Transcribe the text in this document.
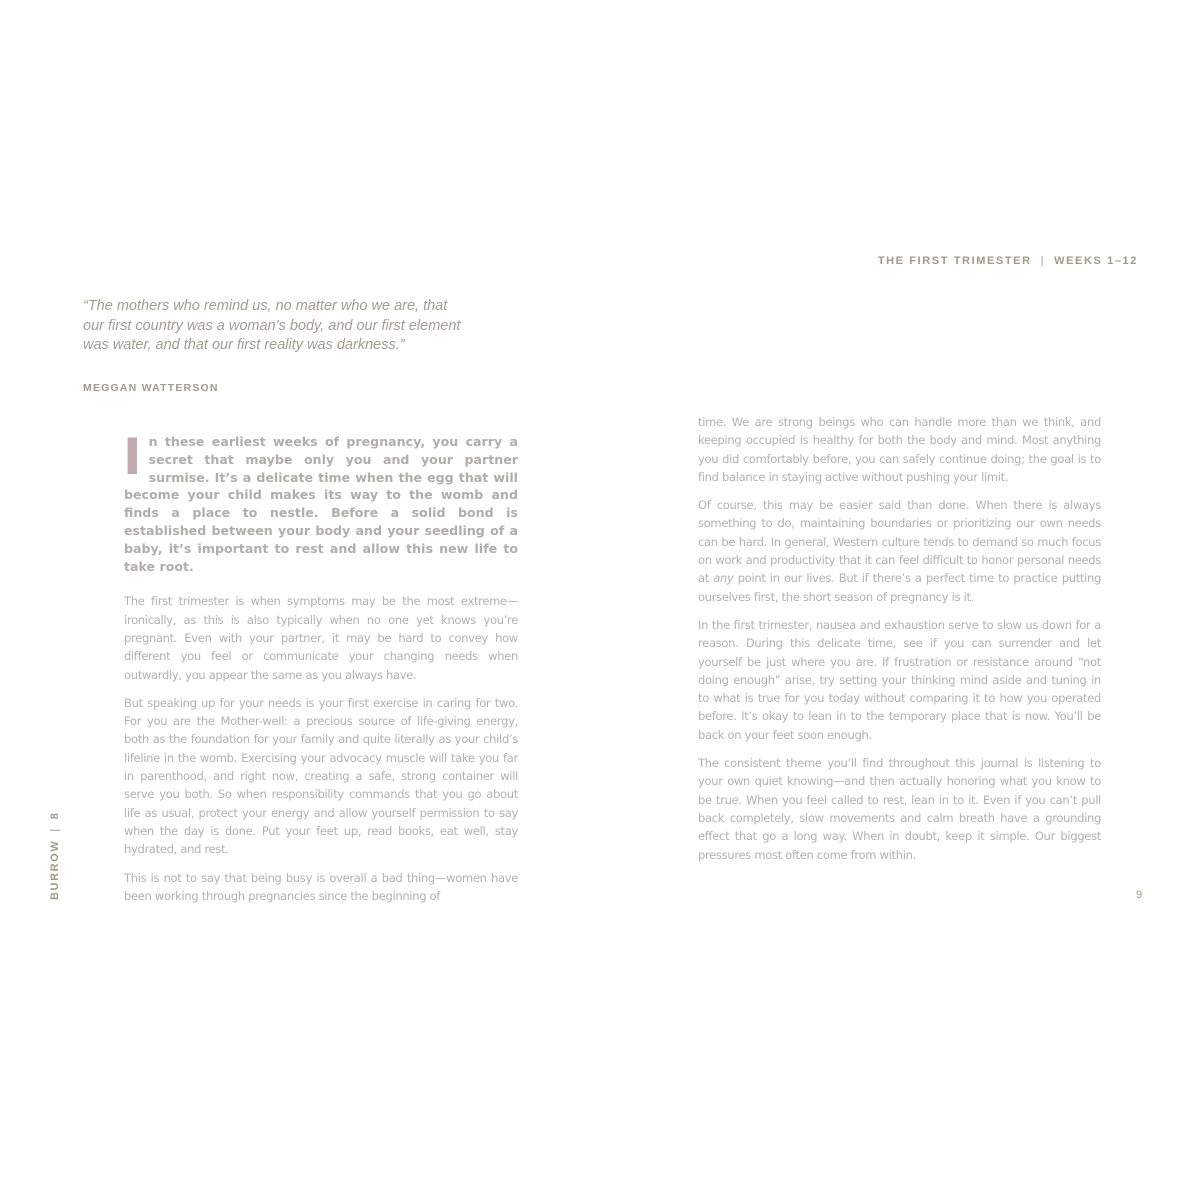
“The mothers who remind us, no matter who we are, that our first country was a woman’s body, and our first element was water, and that our first reality was darkness.”

MEGGAN WATTERSON

In these earliest weeks of pregnancy, you carry a secret that maybe only you and your partner surmise. It’s a delicate time when the egg that will become your child makes its way to the womb and finds a place to nestle. Before a solid bond is established between your body and your seedling of a baby, it’s important to rest and allow this new life to take root.

The first trimester is when symptoms may be the most extreme—ironically, as this is also typically when no one yet knows you’re pregnant. Even with your partner, it may be hard to convey how different you feel or communicate your changing needs when outwardly, you appear the same as you always have.

But speaking up for your needs is your first exercise in caring for two. For you are the Mother-well: a precious source of life-giving energy, both as the foundation for your family and quite literally as your child’s lifeline in the womb. Exercising your advocacy muscle will take you far in parenthood, and right now, creating a safe, strong container will serve you both. So when responsibility commands that you go about life as usual, protect your energy and allow yourself permission to say when the day is done. Put your feet up, read books, eat well, stay hydrated, and rest.

This is not to say that being busy is overall a bad thing—women have been working through pregnancies since the beginning of

BURROW|8
THE FIRST TRIMESTER | WEEKS 1–12

time. We are strong beings who can handle more than we think, and keeping occupied is healthy for both the body and mind. Most anything you did comfortably before, you can safely continue doing; the goal is to find balance in staying active without pushing your limit.

Of course, this may be easier said than done. When there is always something to do, maintaining boundaries or prioritizing our own needs can be hard. In general, Western culture tends to demand so much focus on work and productivity that it can feel difficult to honor personal needs at any point in our lives. But if there’s a perfect time to practice putting ourselves first, the short season of pregnancy is it.

In the first trimester, nausea and exhaustion serve to slow us down for a reason. During this delicate time, see if you can surrender and let yourself be just where you are. If frustration or resistance around “not doing enough” arise, try setting your thinking mind aside and tuning in to what is true for you today without comparing it to how you operated before. It’s okay to lean in to the temporary place that is now. You’ll be back on your feet soon enough.

The consistent theme you’ll find throughout this journal is listening to your own quiet knowing—and then actually honoring what you know to be true. When you feel called to rest, lean in to it. Even if you can’t pull back completely, slow movements and calm breath have a grounding effect that go a long way. When in doubt, keep it simple. Our biggest pressures most often come from within.

9
